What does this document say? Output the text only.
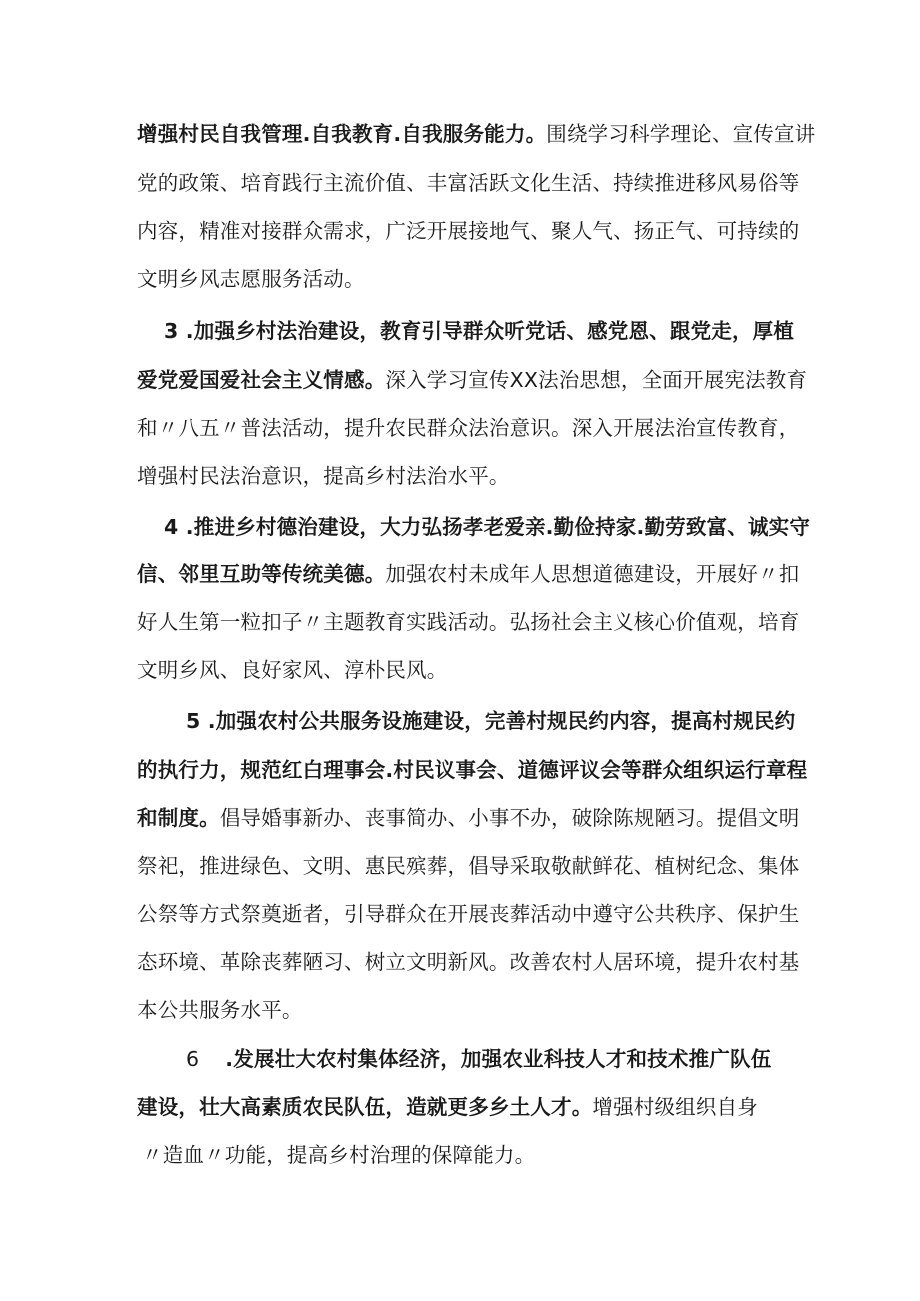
增强村民自我管理.自我教育.自我服务能力。围绕学习科学理论、宣传宣讲
党的政策、培育践行主流价值、丰富活跃文化生活、持续推进移风易俗等
内容，精准对接群众需求，广泛开展接地气、聚人气、扬正气、可持续的
文明乡风志愿服务活动。
3 .加强乡村法治建设，教育引导群众听党话、感党恩、跟党走，厚植
爱党爱国爱社会主义情感。深入学习宣传XX法治思想，全面开展宪法教育
和〃八五〃普法活动，提升农民群众法治意识。深入开展法治宣传教育，
增强村民法治意识，提高乡村法治水平。
4 .推进乡村德治建设，大力弘扬孝老爱亲.勤俭持家.勤劳致富、诚实守
信、邻里互助等传统美德。加强农村未成年人思想道德建设，开展好〃扣
好人生第一粒扣子〃主题教育实践活动。弘扬社会主义核心价值观，培育
文明乡风、良好家风、淳朴民风。
5 .加强农村公共服务设施建设，完善村规民约内容，提高村规民约
的执行力，规范红白理事会.村民议事会、道德评议会等群众组织运行章程
和制度。倡导婚事新办、丧事简办、小事不办，破除陈规陋习。提倡文明
祭祀，推进绿色、文明、惠民殡葬，倡导采取敬献鲜花、植树纪念、集体
公祭等方式祭奠逝者，引导群众在开展丧葬活动中遵守公共秩序、保护生
态环境、革除丧葬陋习、树立文明新风。改善农村人居环境，提升农村基
本公共服务水平。
6 .发展壮大农村集体经济，加强农业科技人才和技术推广队伍
建设，壮大高素质农民队伍，造就更多乡土人才。增强村级组织自身
〃造血〃功能，提高乡村治理的保障能力。
